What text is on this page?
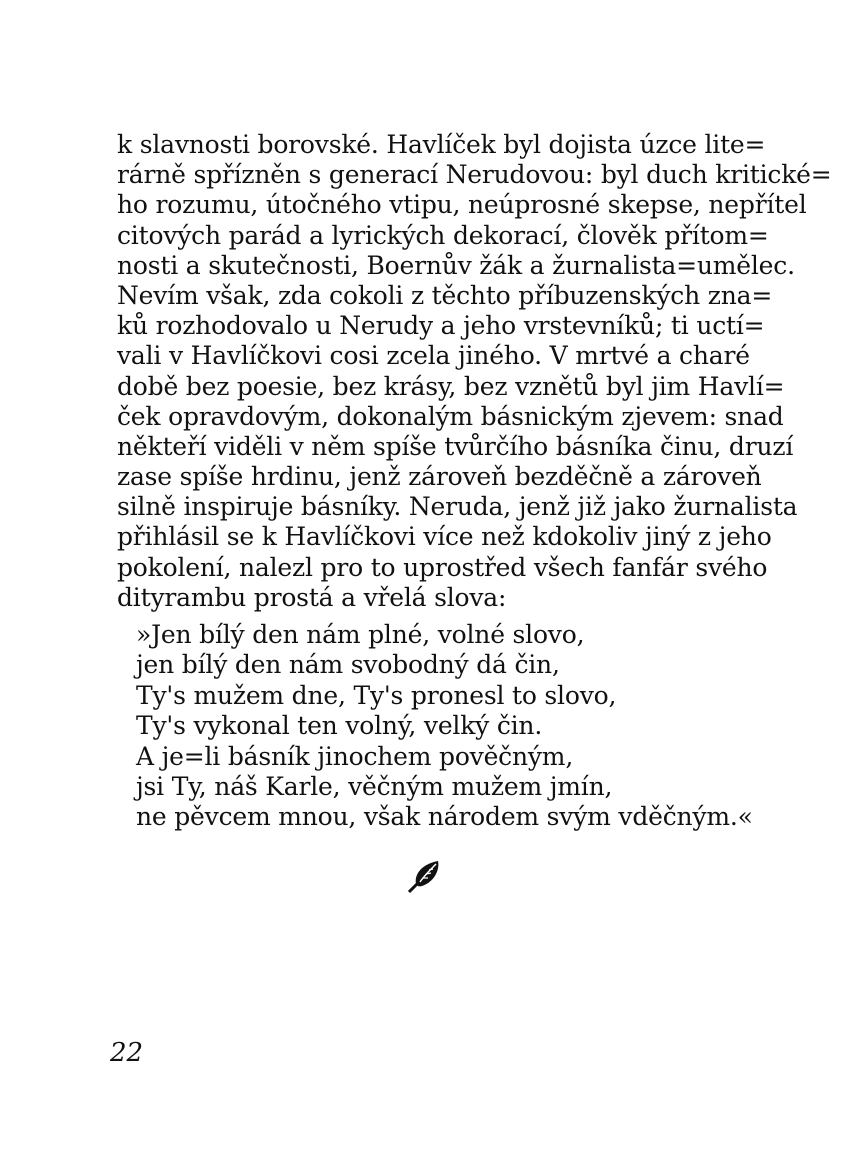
k slavnosti borovské. Havlíček byl dojista úzce lite=
rárně spřízněn s generací Nerudovou: byl duch kritické=
ho rozumu, útočného vtipu, neúprosné skepse, nepřítel
citových parád a lyrických dekorací, člověk přítom=
nosti a skutečnosti, Boernův žák a žurnalista=umělec.
Nevím však, zda cokoli z těchto příbuzenských zna=
ků rozhodovalo u Nerudy a jeho vrstevníků; ti uctí=
vali v Havlíčkovi cosi zcela jiného. V mrtvé a charé
době bez poesie, bez krásy, bez vznětů byl jim Havlí=
ček opravdovým, dokonalým básnickým zjevem: snad
někteří viděli v něm spíše tvůrčího básníka činu, druzí
zase spíše hrdinu, jenž zároveň bezděčně a zároveň
silně inspiruje básníky. Neruda, jenž již jako žurnalista
přihlásil se k Havlíčkovi více než kdokoliv jiný z jeho
pokolení, nalezl pro to uprostřed všech fanfár svého
dityrambu prostá a vřelá slova:
»Jen bílý den nám plné, volné slovo,
jen bílý den nám svobodný dá čin,
Ty's mužem dne, Ty's pronesl to slovo,
Ty's vykonal ten volný, velký čin.
A je=li básník jinochem pověčným,
jsi Ty, náš Karle, věčným mužem jmín,
ne pěvcem mnou, však národem svým vděčným.«
22
